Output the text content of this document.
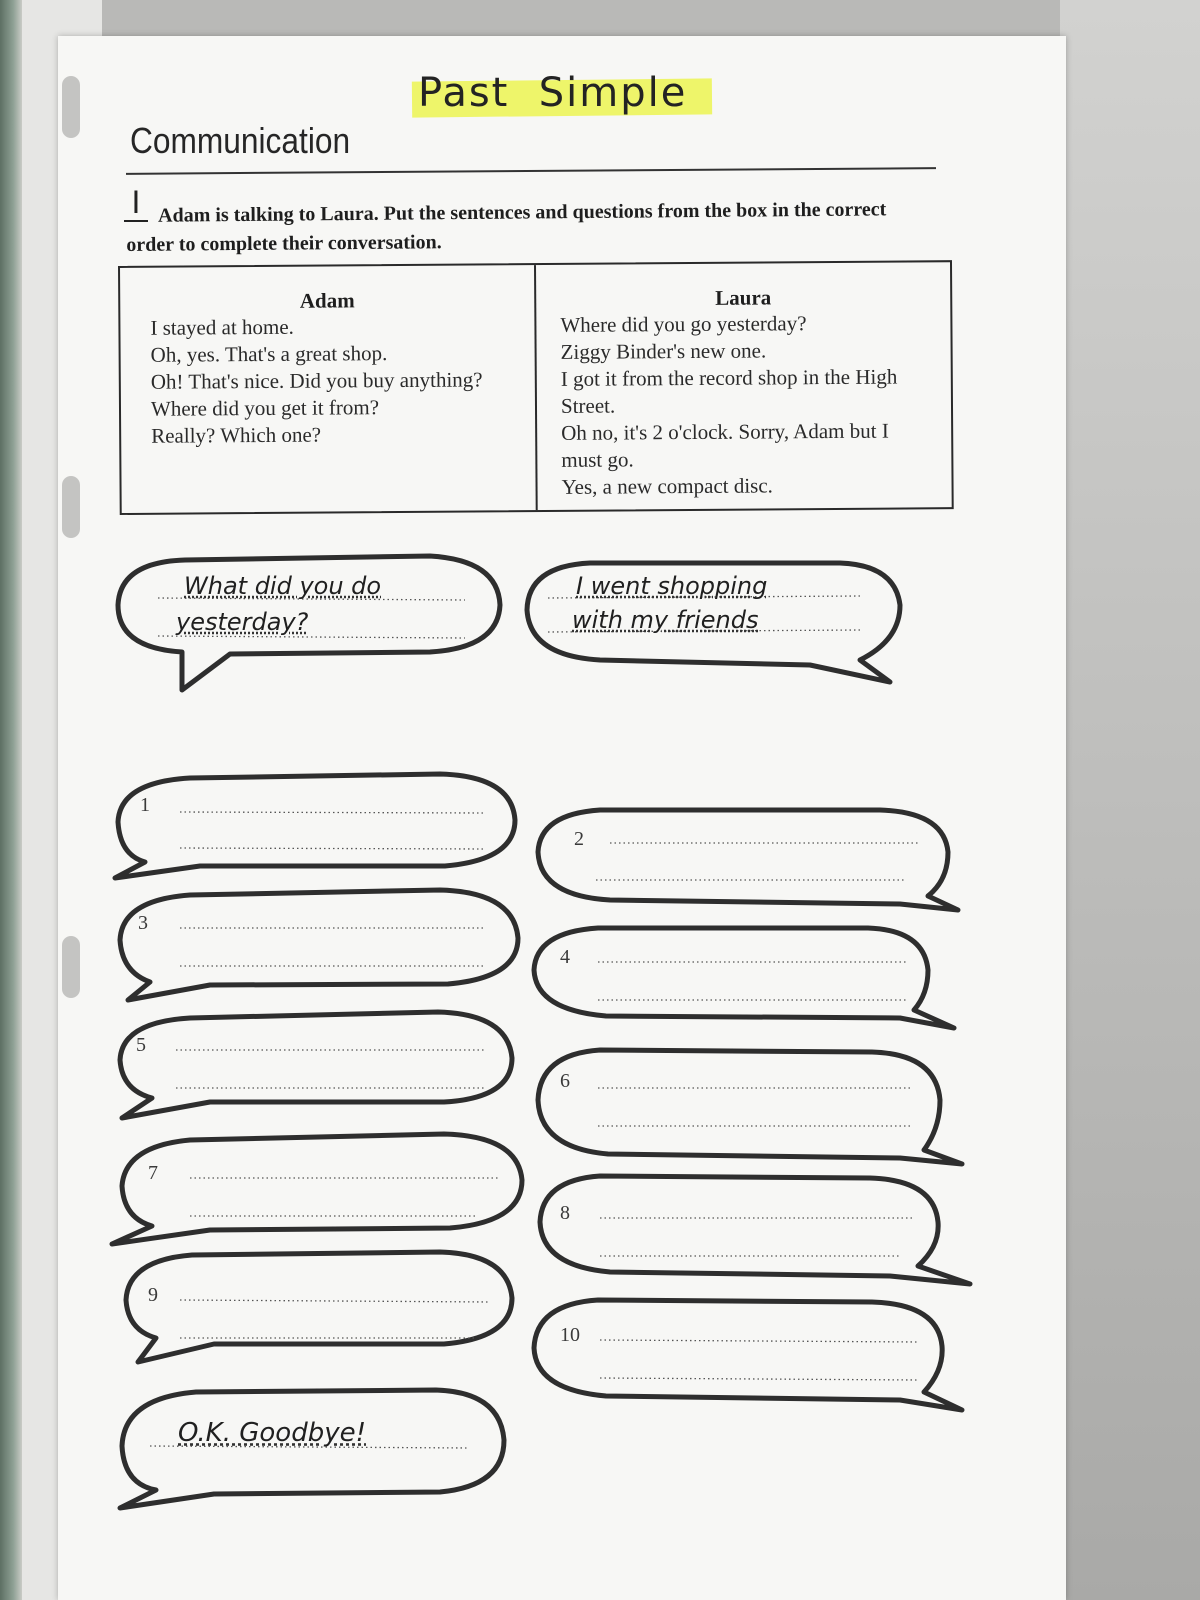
Past  Simple
Communication
I Adam is talking to Laura. Put the sentences and questions from the box in the correct order to complete their conversation.
Adam
I stayed at home.
Oh, yes. That's a great shop.
Oh! That's nice. Did you buy anything?
Where did you get it from?
Really? Which one?
Laura
Where did you go yesterday?
Ziggy Binder's new one.
I got it from the record shop in the High Street.
Oh no, it's 2 o'clock. Sorry, Adam but I must go.
Yes, a new compact disc.
What did you do
yesterday?
I went shopping
with my friends
O.K. Goodbye!
1
2
3
4
5
6
7
8
9
10
